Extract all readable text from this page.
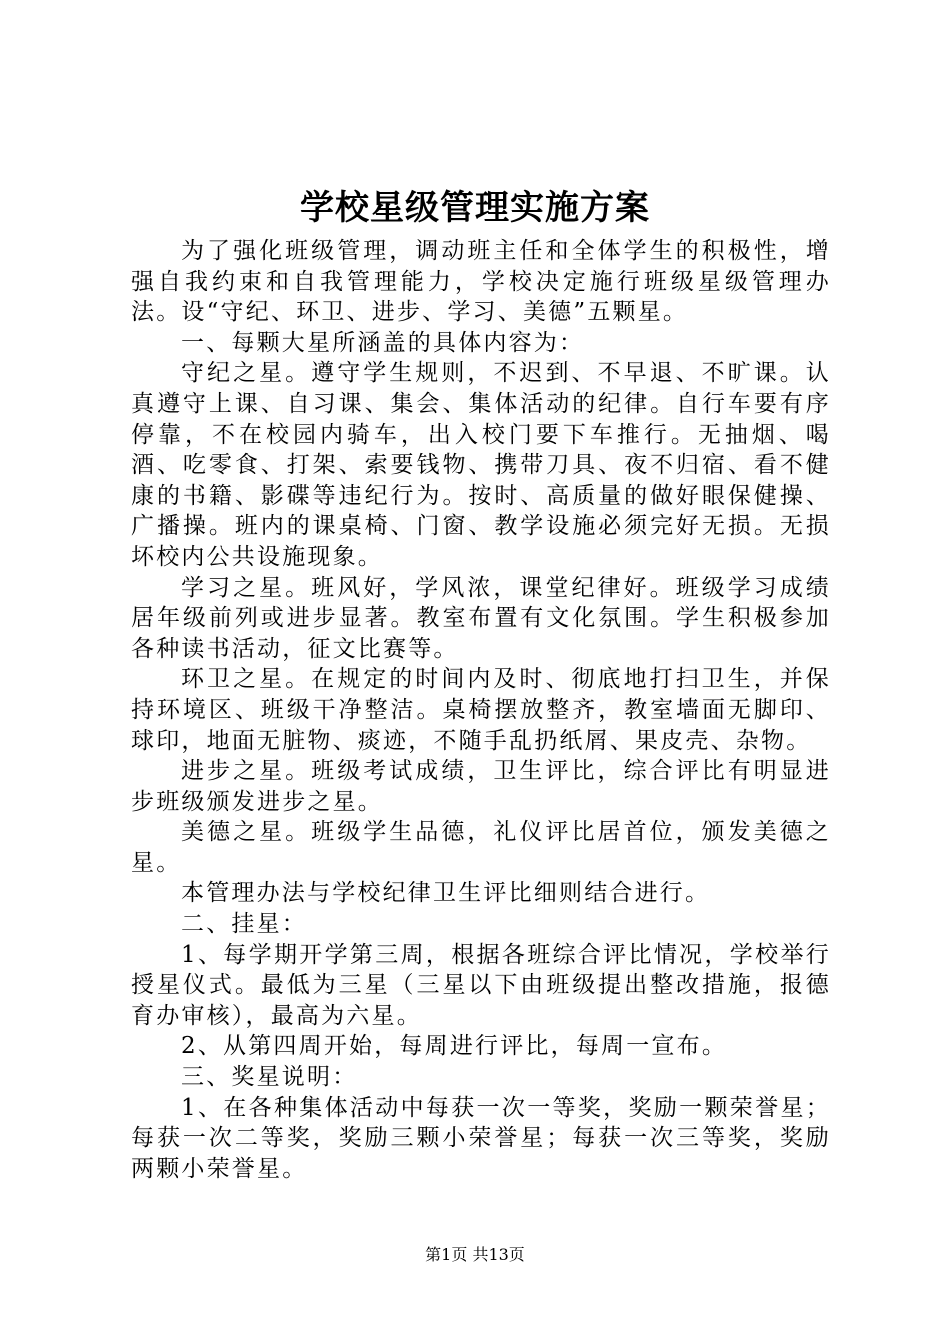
学校星级管理实施方案

为了强化班级管理，调动班主任和全体学生的积极性，增强自我约束和自我管理能力，学校决定施行班级星级管理办法。设“守纪、环卫、进步、学习、美德”五颗星。

一、每颗大星所涵盖的具体内容为：

守纪之星。遵守学生规则，不迟到、不早退、不旷课。认真遵守上课、自习课、集会、集体活动的纪律。自行车要有序停靠，不在校园内骑车，出入校门要下车推行。无抽烟、喝酒、吃零食、打架、索要钱物、携带刀具、夜不归宿、看不健康的书籍、影碟等违纪行为。按时、高质量的做好眼保健操、广播操。班内的课桌椅、门窗、教学设施必须完好无损。无损坏校内公共设施现象。

学习之星。班风好，学风浓，课堂纪律好。班级学习成绩居年级前列或进步显著。教室布置有文化氛围。学生积极参加各种读书活动，征文比赛等。

环卫之星。在规定的时间内及时、彻底地打扫卫生，并保持环境区、班级干净整洁。桌椅摆放整齐，教室墙面无脚印、球印，地面无脏物、痰迹，不随手乱扔纸屑、果皮壳、杂物。

进步之星。班级考试成绩，卫生评比，综合评比有明显进步班级颁发进步之星。

美德之星。班级学生品德，礼仪评比居首位，颁发美德之星。

本管理办法与学校纪律卫生评比细则结合进行。

二、挂星：

1、每学期开学第三周，根据各班综合评比情况，学校举行授星仪式。最低为三星（三星以下由班级提出整改措施，报德育办审核），最高为六星。

2、从第四周开始，每周进行评比，每周一宣布。

三、奖星说明：

1、在各种集体活动中每获一次一等奖，奖励一颗荣誉星；每获一次二等奖，奖励三颗小荣誉星；每获一次三等奖，奖励两颗小荣誉星。

第1页 共13页
